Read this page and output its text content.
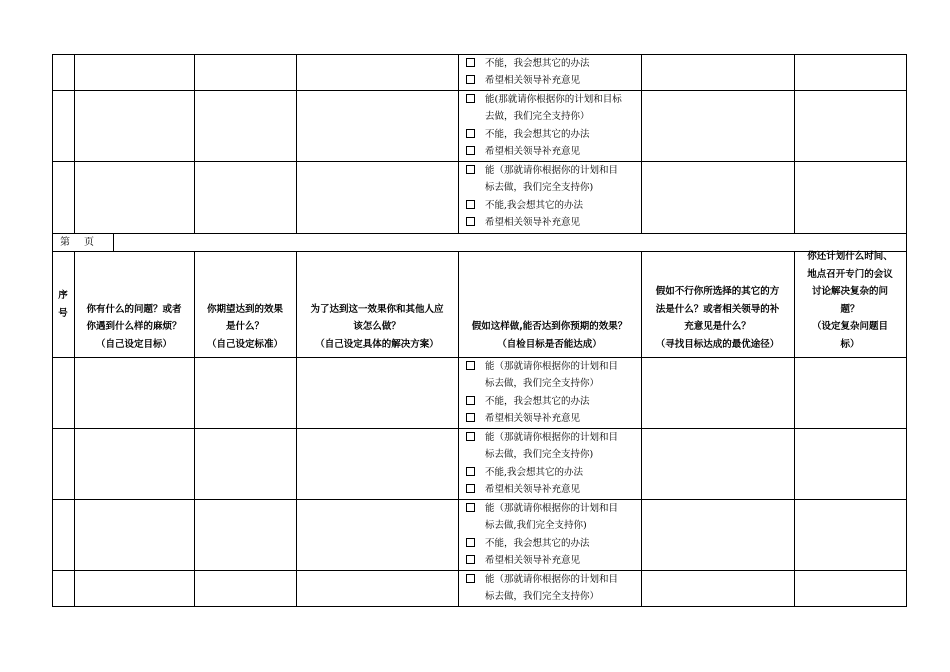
第 页
序
号	你有什么的问题？或者
你遇到什么样的麻烦？
（自己设定目标）
你期望达到的效果
是什么？
（自己设定标准）
为了达到这一效果你和其他人应
该怎么做？
（自己设定具体的解决方案）
假如这样做,能否达到你预期的效果？
（自检目标是否能达成）
假如不行你所选择的其它的方
法是什么？或者相关领导的补
充意见是什么？
（寻找目标达成的最优途径）
你还计划什么时间、
地点召开专门的会议
讨论解决复杂的问
题？
（设定复杂问题目
标）
不能，我会想其它的办法
希望相关领导补充意见
能(那就请你根据你的计划和目标
去做，我们完全支持你）
不能，我会想其它的办法
希望相关领导补充意见
能（那就请你根据你的计划和目
标去做，我们完全支持你)
不能,我会想其它的办法
希望相关领导补充意见
能（那就请你根据你的计划和目
标去做，我们完全支持你）
不能，我会想其它的办法
希望相关领导补充意见
能（那就请你根据你的计划和目
标去做，我们完全支持你)
不能,我会想其它的办法
希望相关领导补充意见
能（那就请你根据你的计划和目
标去做,我们完全支持你)
不能，我会想其它的办法
希望相关领导补充意见
能（那就请你根据你的计划和目
标去做，我们完全支持你）
